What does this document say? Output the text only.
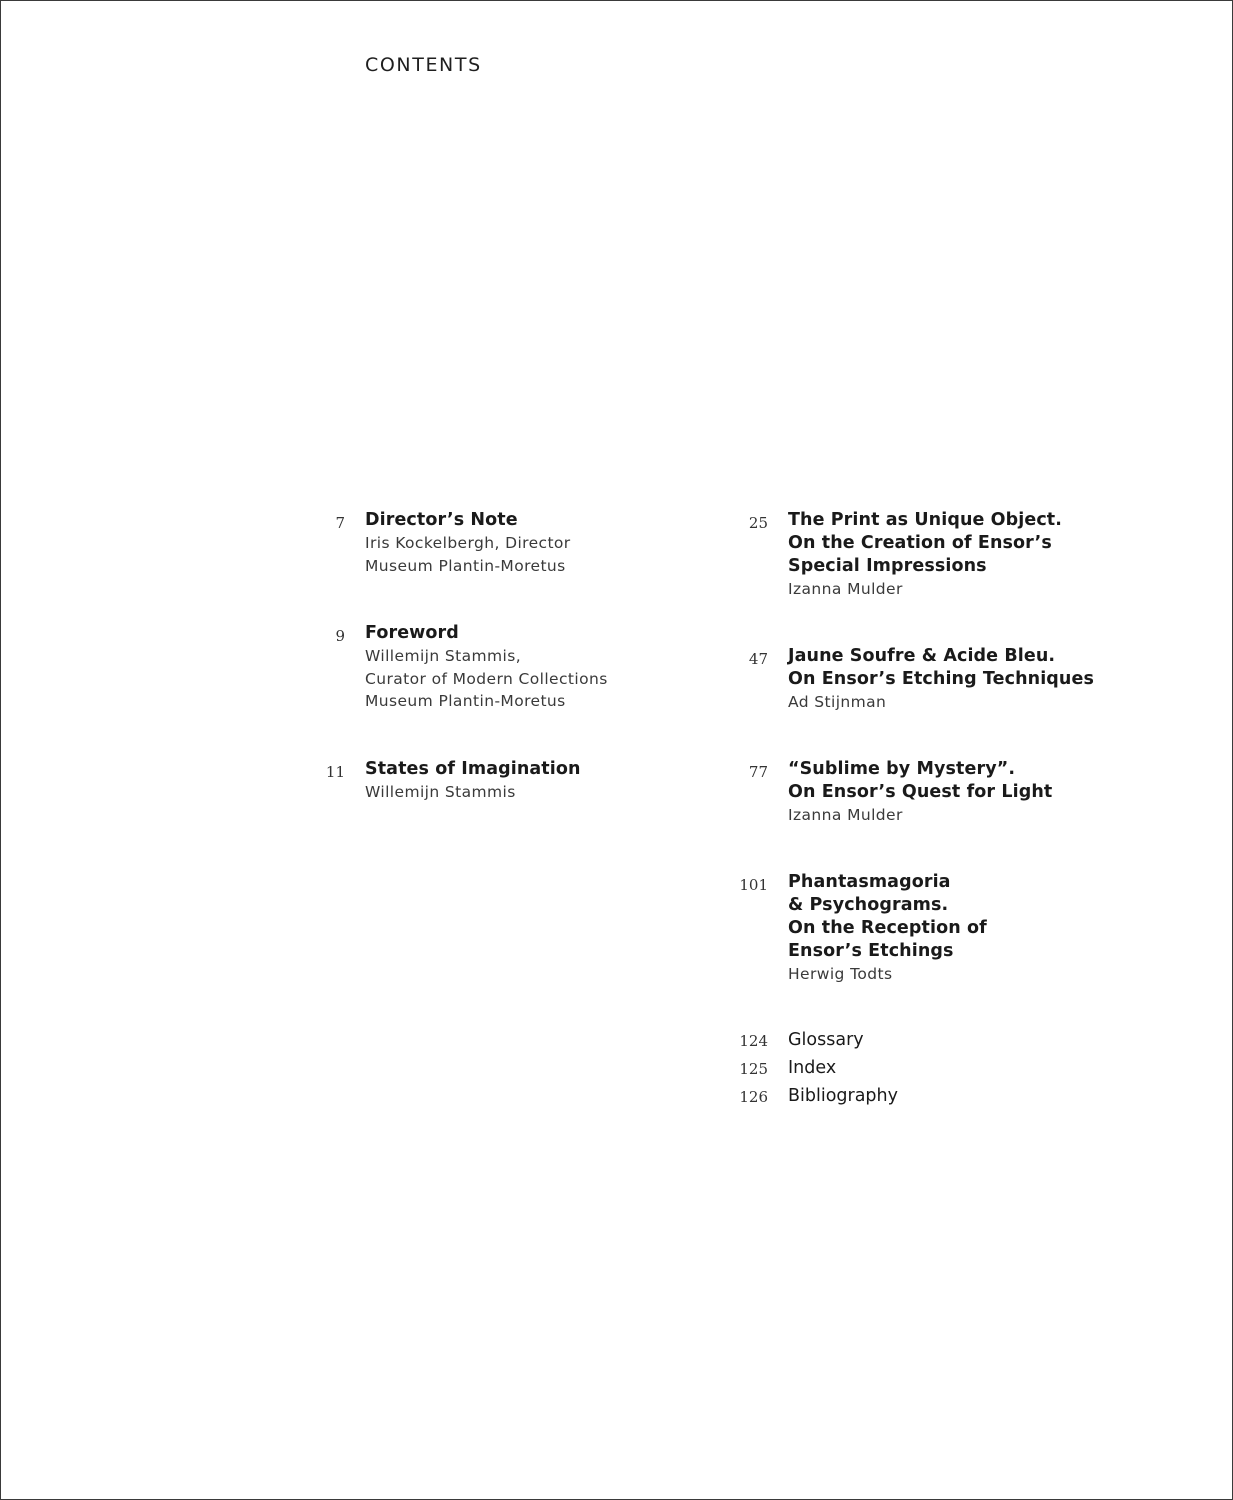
CONTENTS
7	Director’s Note
Iris Kockelbergh, Director
Museum Plantin-Moretus
9	Foreword
Willemijn Stammis,
Curator of Modern Collections
Museum Plantin-Moretus
11	States of Imagination
Willemijn Stammis
25	The Print as Unique Object.
On the Creation of Ensor’s
Special Impressions
Izanna Mulder
47	Jaune Soufre & Acide Bleu.
On Ensor’s Etching Techniques
Ad Stijnman
77	“Sublime by Mystery”.
On Ensor’s Quest for Light
Izanna Mulder
101	Phantasmagoria
& Psychograms.
On the Reception of
Ensor’s Etchings
Herwig Todts
124	Glossary
125	Index
126	Bibliography
